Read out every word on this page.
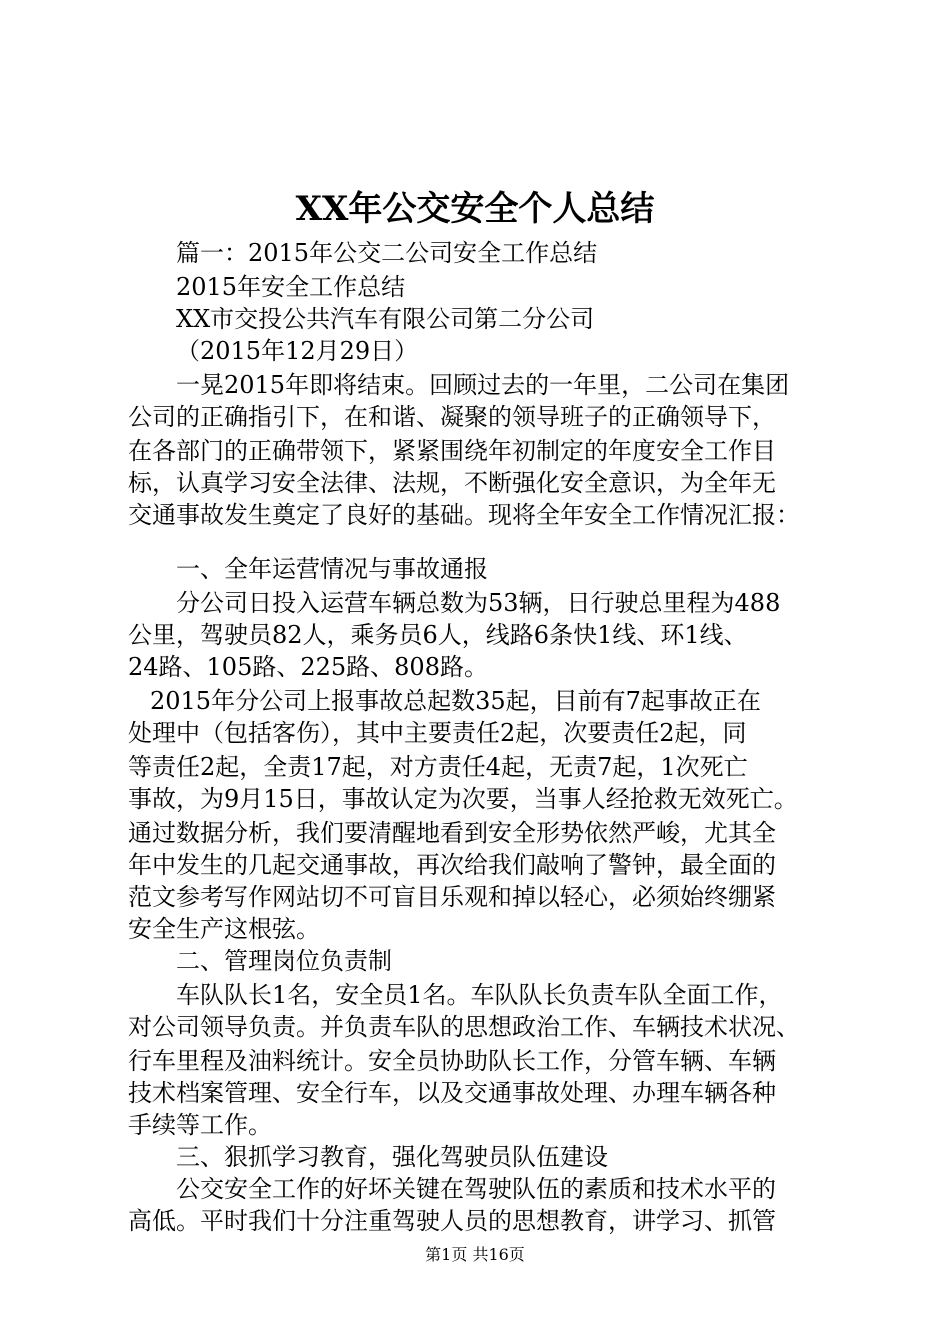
XX年公交安全个人总结
篇一：2015年公交二公司安全工作总结
2015年安全工作总结
XX市交投公共汽车有限公司第二分公司
（2015年12月29日）
一晃2015年即将结束。回顾过去的一年里，二公司在集团
公司的正确指引下，在和谐、凝聚的领导班子的正确领导下，
在各部门的正确带领下，紧紧围绕年初制定的年度安全工作目
标，认真学习安全法律、法规，不断强化安全意识，为全年无
交通事故发生奠定了良好的基础。现将全年安全工作情况汇报：
一、全年运营情况与事故通报
分公司日投入运营车辆总数为53辆，日行驶总里程为488
公里，驾驶员82人，乘务员6人，线路6条快1线、环1线、
24路、105路、225路、808路。
2015年分公司上报事故总起数35起，目前有7起事故正在
处理中（包括客伤），其中主要责任2起，次要责任2起，同
等责任2起，全责17起，对方责任4起，无责7起，1次死亡
事故，为9月15日，事故认定为次要，当事人经抢救无效死亡。
通过数据分析，我们要清醒地看到安全形势依然严峻，尤其全
年中发生的几起交通事故，再次给我们敲响了警钟，最全面的
范文参考写作网站切不可盲目乐观和掉以轻心，必须始终绷紧
安全生产这根弦。
二、管理岗位负责制
车队队长1名，安全员1名。车队队长负责车队全面工作，
对公司领导负责。并负责车队的思想政治工作、车辆技术状况、
行车里程及油料统计。安全员协助队长工作，分管车辆、车辆
技术档案管理、安全行车，以及交通事故处理、办理车辆各种
手续等工作。
三、狠抓学习教育，强化驾驶员队伍建设
公交安全工作的好坏关键在驾驶队伍的素质和技术水平的
高低。平时我们十分注重驾驶人员的思想教育，讲学习、抓管
第1页 共16页
